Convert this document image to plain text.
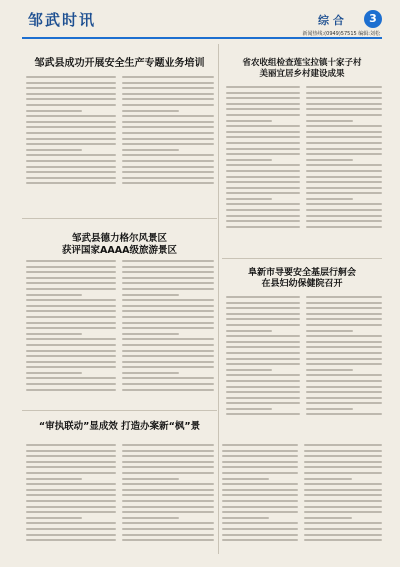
邹武时讯	综 合	3
新闻热线:(0949)57515 编辑:刘松
邹武县成功开展安全生产专题业务培训
邹武县德力格尔风景区
获评国家AAAA级旅游景区
“审执联动”显成效 打造办案新“枫”景
省农收组检查莲宝拉镇十家子村
美丽宜居乡村建设成果
阜新市导要安全基层行舸会
在县妇幼保健院召开
